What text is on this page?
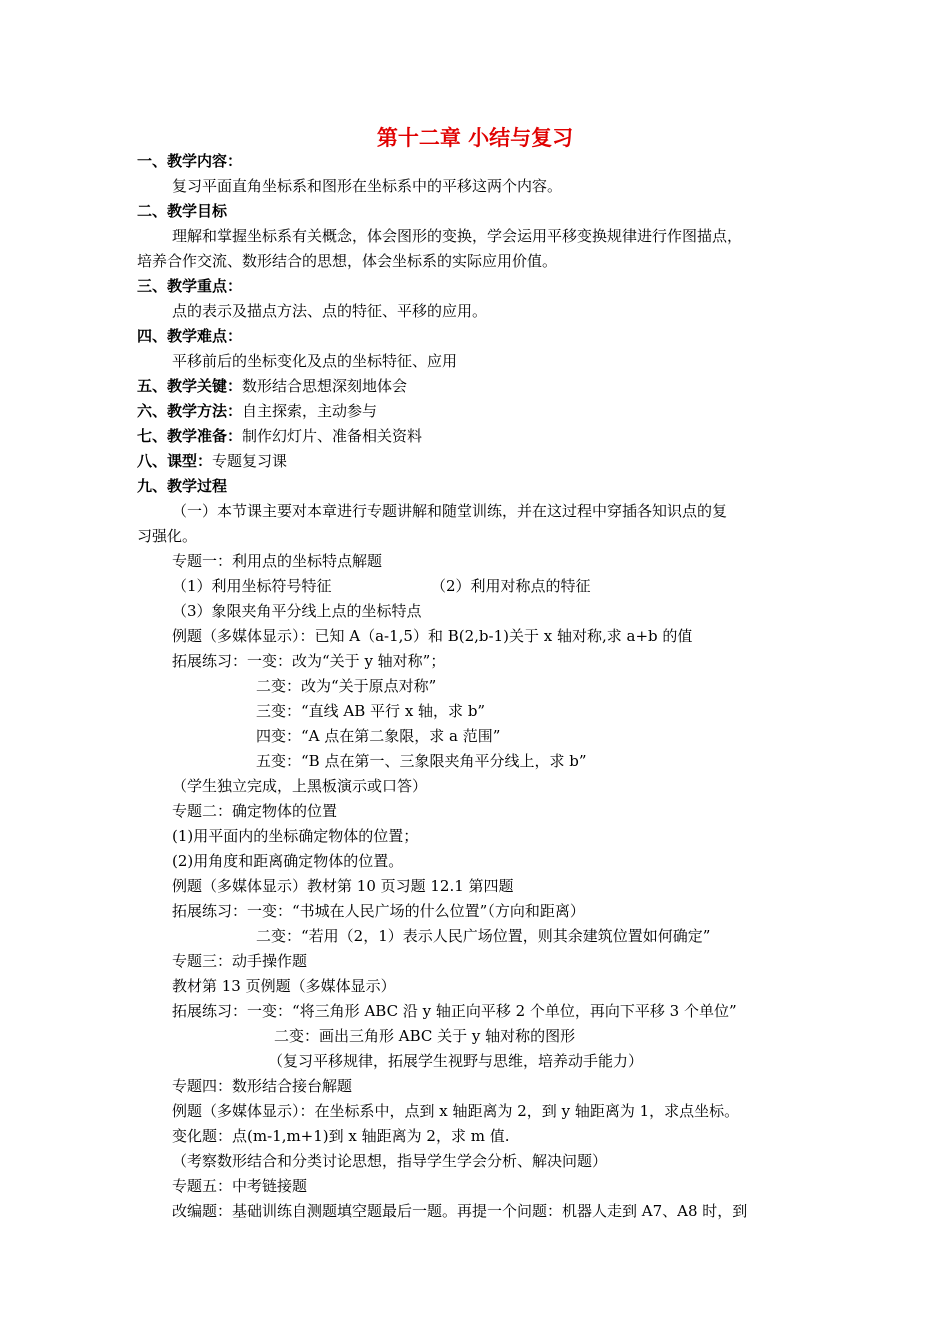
第十二章 小结与复习
一、教学内容：
复习平面直角坐标系和图形在坐标系中的平移这两个内容。
二、教学目标
理解和掌握坐标系有关概念，体会图形的变换，学会运用平移变换规律进行作图描点，
培养合作交流、数形结合的思想，体会坐标系的实际应用价值。
三、教学重点：
点的表示及描点方法、点的特征、平移的应用。
四、教学难点：
平移前后的坐标变化及点的坐标特征、应用
五、教学关键：数形结合思想深刻地体会
六、教学方法：自主探索，主动参与
七、教学准备：制作幻灯片、准备相关资料
八、课型：专题复习课
九、教学过程
（一）本节课主要对本章进行专题讲解和随堂训练，并在这过程中穿插各知识点的复
习强化。
专题一：利用点的坐标特点解题
（1）利用坐标符号特征	（2）利用对称点的特征
（3）象限夹角平分线上点的坐标特点
例题（多媒体显示）：已知 A（a-1,5）和 B(2,b-1)关于 x 轴对称,求 a+b 的值
拓展练习：一变：改为“关于 y 轴对称”；
二变：改为“关于原点对称”
三变：“直线 AB 平行 x 轴，求 b”
四变：“A 点在第二象限，求 a 范围”
五变：“B 点在第一、三象限夹角平分线上，求 b”
（学生独立完成，上黑板演示或口答）
专题二：确定物体的位置
(1)用平面内的坐标确定物体的位置；
(2)用角度和距离确定物体的位置。
例题（多媒体显示）教材第 10 页习题 12.1 第四题
拓展练习：一变：“书城在人民广场的什么位置”（方向和距离）
二变：“若用（2，1）表示人民广场位置，则其余建筑位置如何确定”
专题三：动手操作题
教材第 13 页例题（多媒体显示）
拓展练习：一变：“将三角形 ABC 沿 y 轴正向平移 2 个单位，再向下平移 3 个单位”
二变：画出三角形 ABC 关于 y 轴对称的图形
（复习平移规律，拓展学生视野与思维，培养动手能力）
专题四：数形结合接台解题
例题（多媒体显示）：在坐标系中，点到 x 轴距离为 2，到 y 轴距离为 1，求点坐标。
变化题：点(m-1,m+1)到 x 轴距离为 2，求 m 值.
（考察数形结合和分类讨论思想，指导学生学会分析、解决问题）
专题五：中考链接题
改编题：基础训练自测题填空题最后一题。再提一个问题：机器人走到 A7、A8 时，到
